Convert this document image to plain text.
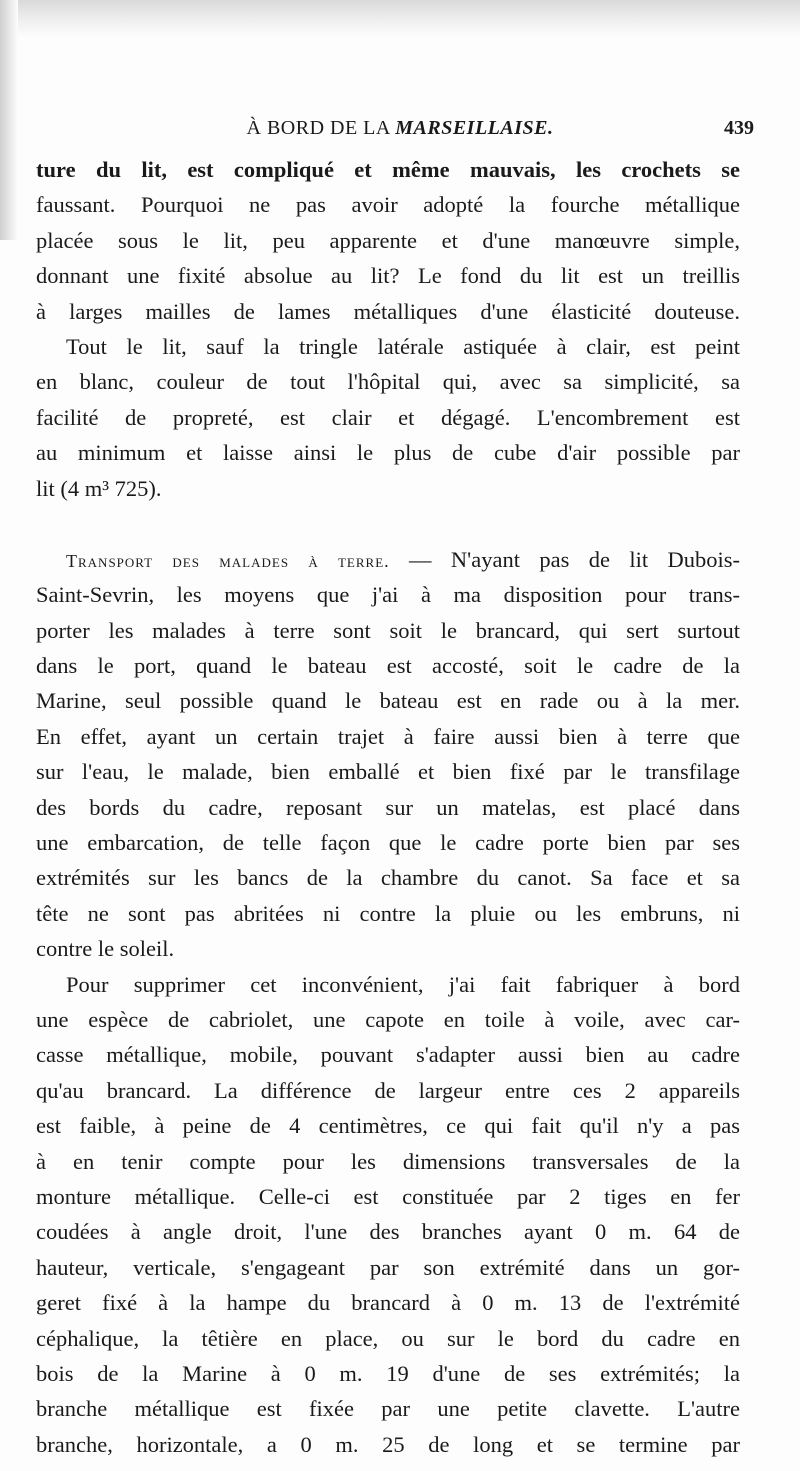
À BORD DE LA MARSEILLAISE.	439
ture du lit, est compliqué et même mauvais, les crochets se
faussant. Pourquoi ne pas avoir adopté la fourche métallique
placée sous le lit, peu apparente et d'une manœuvre simple,
donnant une fixité absolue au lit? Le fond du lit est un treillis
à larges mailles de lames métalliques d'une élasticité douteuse.
Tout le lit, sauf la tringle latérale astiquée à clair, est peint
en blanc, couleur de tout l'hôpital qui, avec sa simplicité, sa
facilité de propreté, est clair et dégagé. L'encombrement est
au minimum et laisse ainsi le plus de cube d'air possible par
lit (4 m³ 725).
Transport des malades à terre. — N'ayant pas de lit Dubois-
Saint-Sevrin, les moyens que j'ai à ma disposition pour trans-
porter les malades à terre sont soit le brancard, qui sert surtout
dans le port, quand le bateau est accosté, soit le cadre de la
Marine, seul possible quand le bateau est en rade ou à la mer.
En effet, ayant un certain trajet à faire aussi bien à terre que
sur l'eau, le malade, bien emballé et bien fixé par le transfilage
des bords du cadre, reposant sur un matelas, est placé dans
une embarcation, de telle façon que le cadre porte bien par ses
extrémités sur les bancs de la chambre du canot. Sa face et sa
tête ne sont pas abritées ni contre la pluie ou les embruns, ni
contre le soleil.
Pour supprimer cet inconvénient, j'ai fait fabriquer à bord
une espèce de cabriolet, une capote en toile à voile, avec car-
casse métallique, mobile, pouvant s'adapter aussi bien au cadre
qu'au brancard. La différence de largeur entre ces 2 appareils
est faible, à peine de 4 centimètres, ce qui fait qu'il n'y a pas
à en tenir compte pour les dimensions transversales de la
monture métallique. Celle-ci est constituée par 2 tiges en fer
coudées à angle droit, l'une des branches ayant 0 m. 64 de
hauteur, verticale, s'engageant par son extrémité dans un gor-
geret fixé à la hampe du brancard à 0 m. 13 de l'extrémité
céphalique, la têtière en place, ou sur le bord du cadre en
bois de la Marine à 0 m. 19 d'une de ses extrémités; la
branche métallique est fixée par une petite clavette. L'autre
branche, horizontale, a 0 m. 25 de long et se termine par
